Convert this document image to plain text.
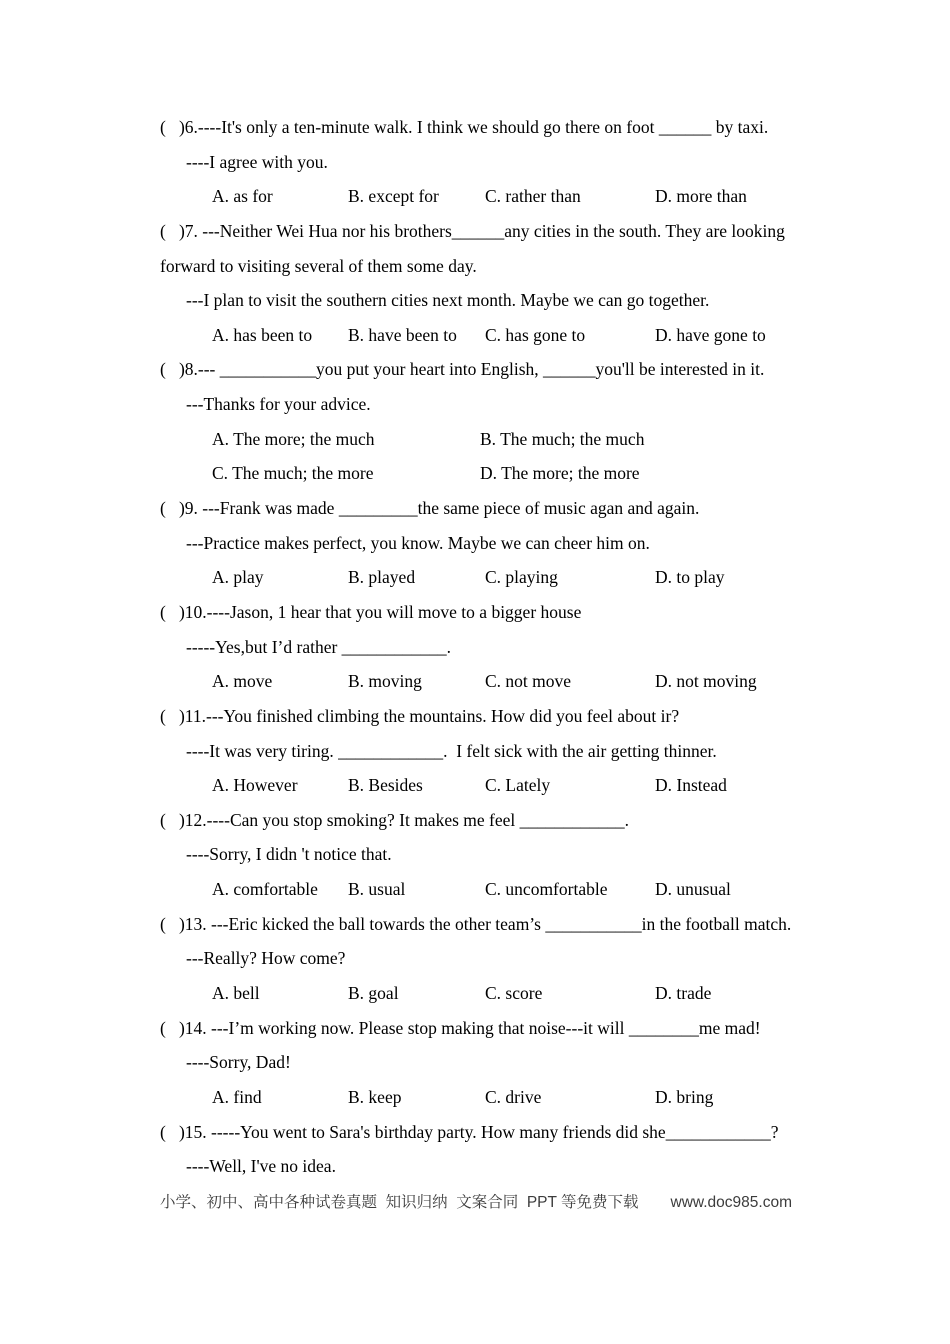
(   )6.----It's only a ten-minute walk. I think we should go there on foot ______ by taxi.
----I agree with you.
A. as for	B. except for	C. rather than	D. more than
(   )7. ---Neither Wei Hua nor his brothers______any cities in the south. They are looking
forward to visiting several of them some day.
---I plan to visit the southern cities next month. Maybe we can go together.
A. has been to	B. have been to	C. has gone to	D. have gone to
(   )8.--- ___________you put your heart into English, ______you'll be interested in it.
---Thanks for your advice.
A. The more; the much	B. The much; the much
C. The much; the more	D. The more; the more
(   )9. ---Frank was made _________the same piece of music agan and again.
---Practice makes perfect, you know. Maybe we can cheer him on.
A. play	B. played	C. playing	D. to play
(   )10.----Jason, 1 hear that you will move to a bigger house
-----Yes,but I’d rather ____________.
A. move	B. moving	C. not move	D. not moving
(   )11.---You finished climbing the mountains. How did you feel about ir?
----It was very tiring. ____________.  I felt sick with the air getting thinner.
A. However	B. Besides	C. Lately	D. Instead
(   )12.----Can you stop smoking? It makes me feel ____________.
----Sorry, I didn 't notice that.
A. comfortable	B. usual	C. uncomfortable	D. unusual
(   )13. ---Eric kicked the ball towards the other team’s ___________in the football match.
---Really? How come?
A. bell	B. goal	C. score	D. trade
(   )14. ---I’m working now. Please stop making that noise---it will ________me mad!
----Sorry, Dad!
A. find	B. keep	C. drive	D. bring
(   )15. -----You went to Sara's birthday party. How many friends did she____________?
----Well, I've no idea.
小学、初中、高中各种试卷真题  知识归纳  文案合同  PPT 等免费下载 www.doc985.com
